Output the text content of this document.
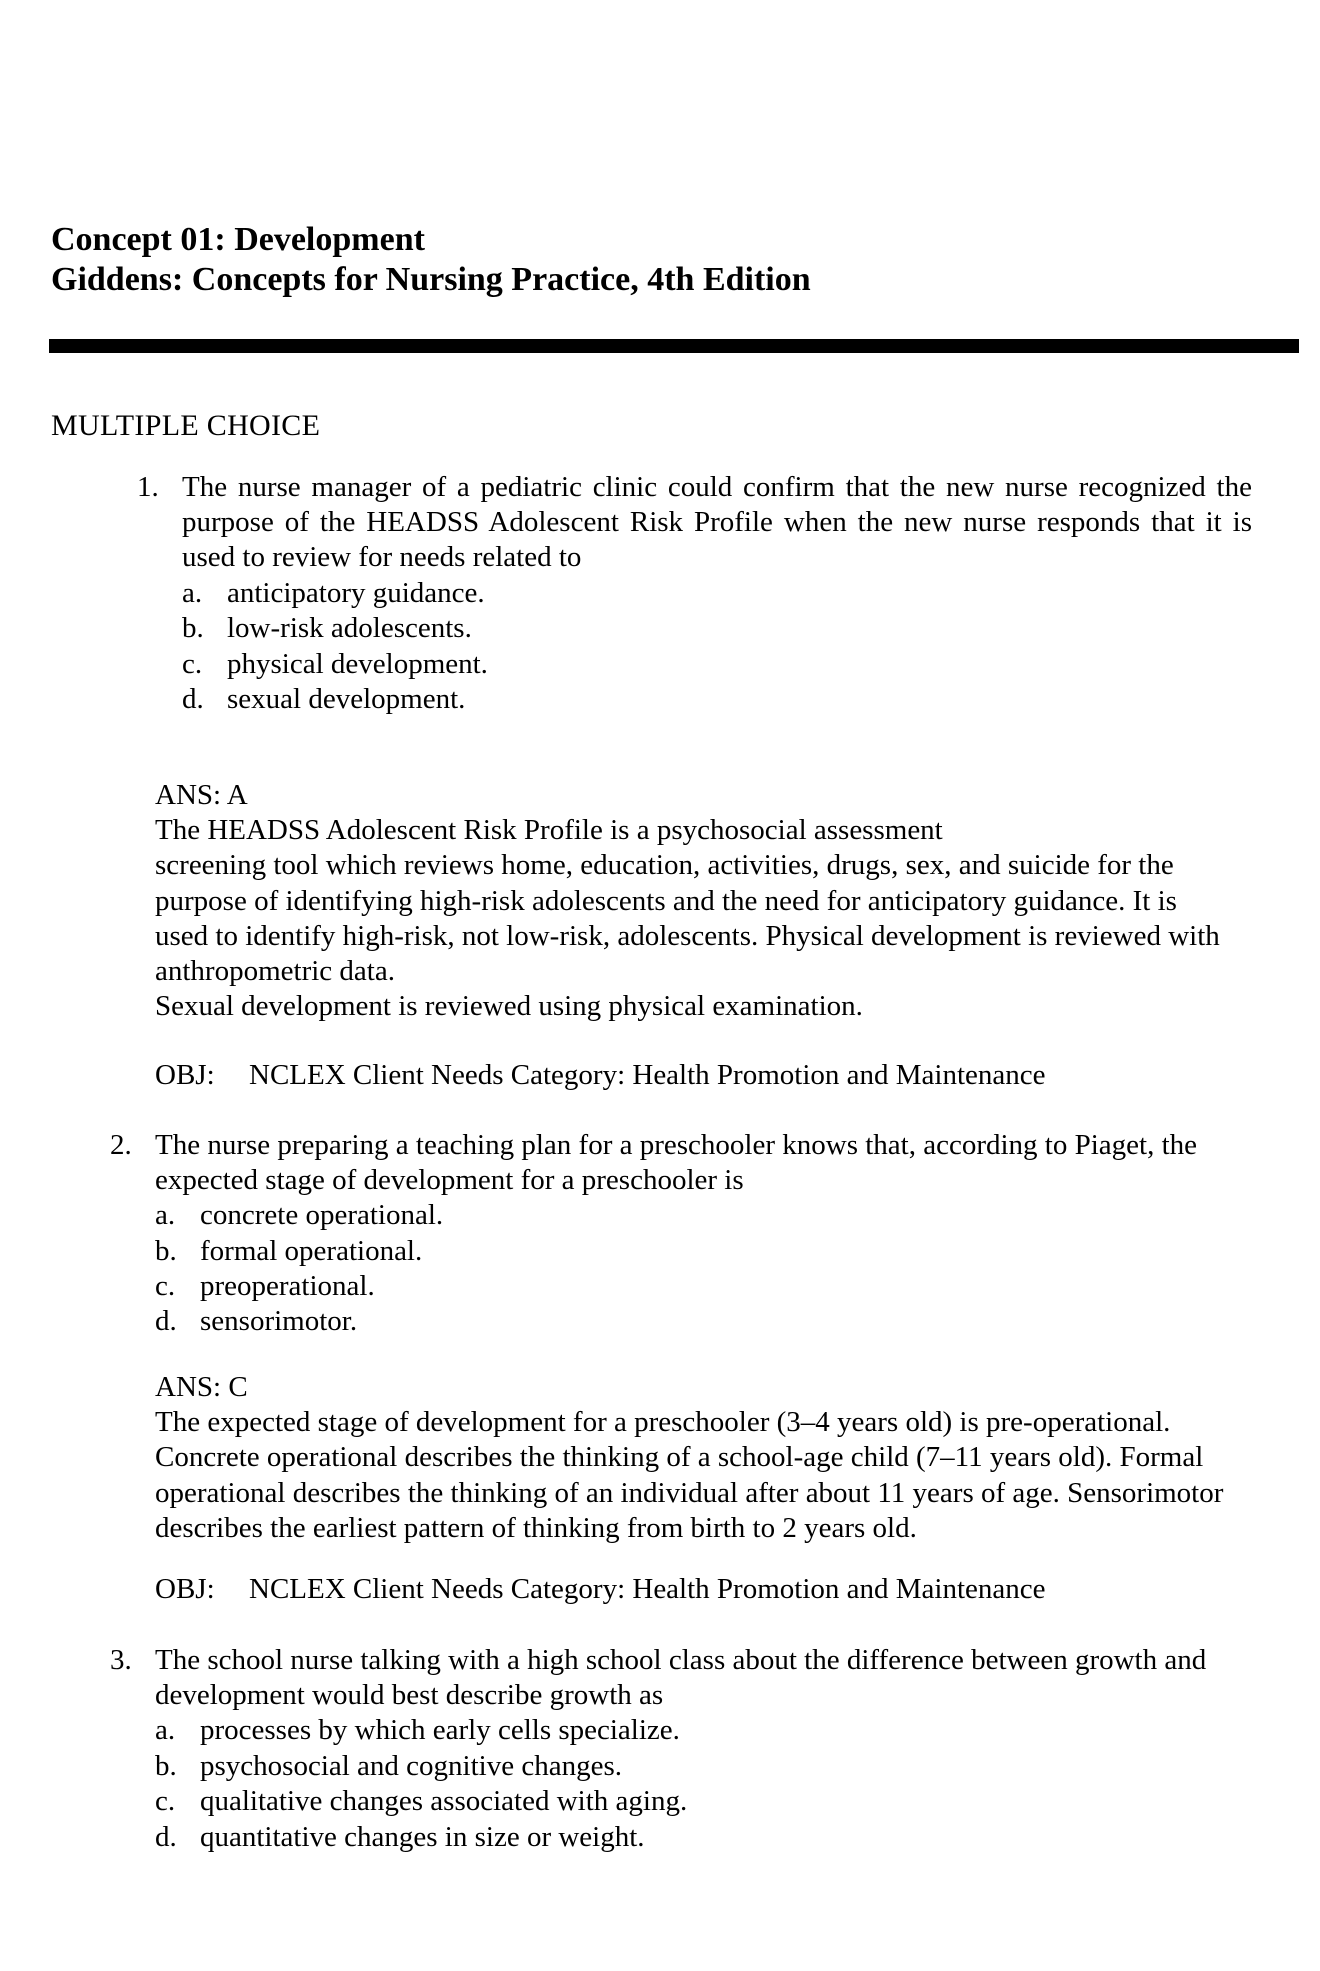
Concept 01: Development
Giddens: Concepts for Nursing Practice, 4th Edition
MULTIPLE CHOICE
1. The nurse manager of a pediatric clinic could confirm that the new nurse recognized the purpose of the HEADSS Adolescent Risk Profile when the new nurse responds that it is used to review for needs related to
a. anticipatory guidance.
b. low-risk adolescents.
c. physical development.
d. sexual development.

ANS: A

The HEADSS Adolescent Risk Profile is a psychosocial assessment

screening tool which reviews home, education, activities, drugs, sex, and suicide for the

purpose of identifying high-risk adolescents and the need for anticipatory guidance. It is

used to identify high-risk, not low-risk, adolescents. Physical development is reviewed with

anthropometric data.

Sexual development is reviewed using physical examination.

OBJ: NCLEX Client Needs Category: Health Promotion and Maintenance
2. The nurse preparing a teaching plan for a preschooler knows that, according to Piaget, the
expected stage of development for a preschooler is
a. concrete operational.
b. formal operational.
c. preoperational.
d. sensorimotor.

ANS: C

The expected stage of development for a preschooler (3–4 years old) is pre-operational.

Concrete operational describes the thinking of a school-age child (7–11 years old). Formal

operational describes the thinking of an individual after about 11 years of age. Sensorimotor

describes the earliest pattern of thinking from birth to 2 years old.

OBJ: NCLEX Client Needs Category: Health Promotion and Maintenance
3. The school nurse talking with a high school class about the difference between growth and
development would best describe growth as
a. processes by which early cells specialize.
b. psychosocial and cognitive changes.
c. qualitative changes associated with aging.
d. quantitative changes in size or weight.
